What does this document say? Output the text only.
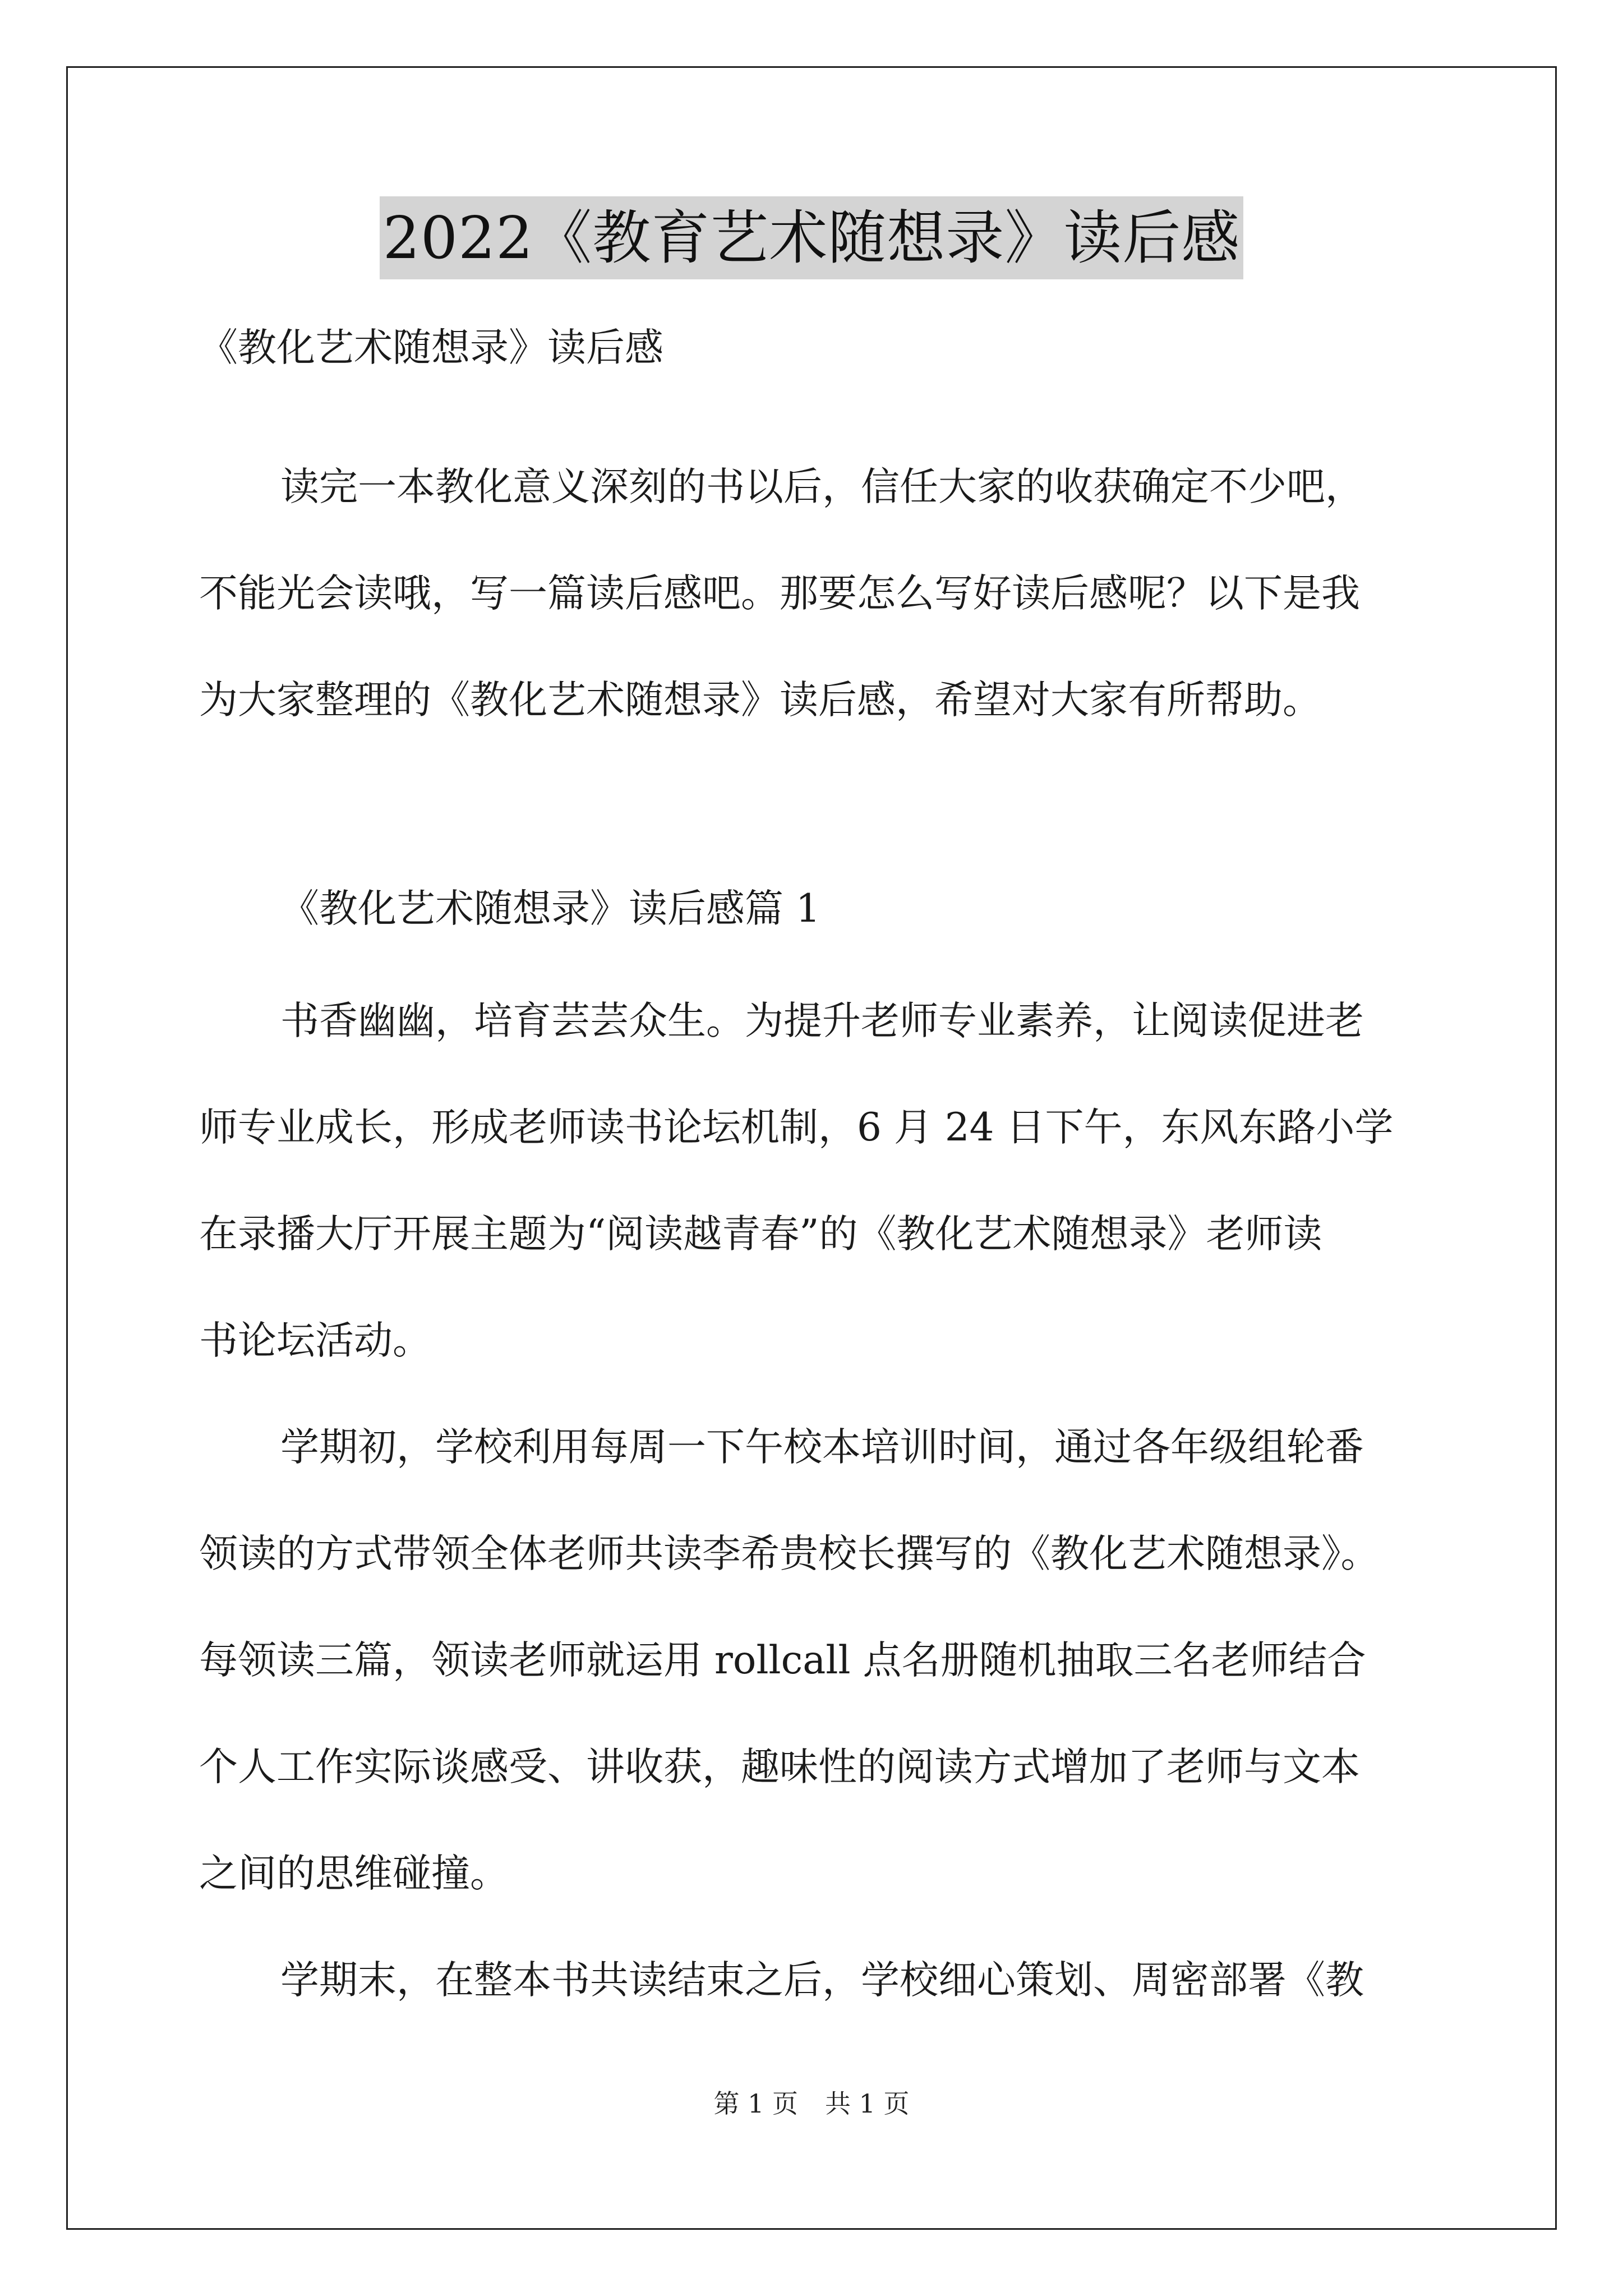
2022《教育艺术随想录》读后感
《教化艺术随想录》读后感
读完一本教化意义深刻的书以后，信任大家的收获确定不少吧，
不能光会读哦，写一篇读后感吧。那要怎么写好读后感呢？以下是我
为大家整理的《教化艺术随想录》读后感，希望对大家有所帮助。
《教化艺术随想录》读后感篇 1
书香幽幽，培育芸芸众生。为提升老师专业素养，让阅读促进老
师专业成长，形成老师读书论坛机制，6 月 24 日下午，东风东路小学
在录播大厅开展主题为“阅读越青春”的《教化艺术随想录》老师读
书论坛活动。
学期初，学校利用每周一下午校本培训时间，通过各年级组轮番
领读的方式带领全体老师共读李希贵校长撰写的《教化艺术随想录》。
每领读三篇，领读老师就运用 rollcall 点名册随机抽取三名老师结合
个人工作实际谈感受、讲收获，趣味性的阅读方式增加了老师与文本
之间的思维碰撞。
学期末，在整本书共读结束之后，学校细心策划、周密部署《教
第 1 页 共 1 页
